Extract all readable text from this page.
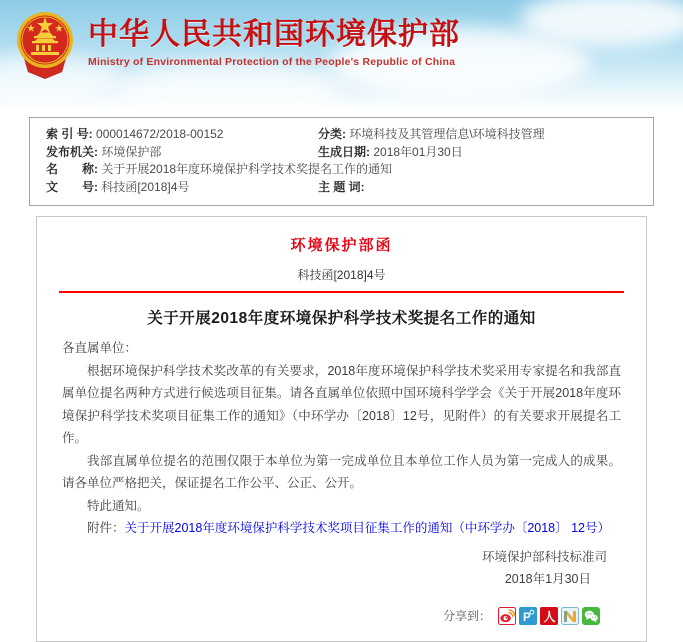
中华人民共和国环境保护部
Ministry of Environmental Protection of the People's Republic of China
索 引 号: 000014672/2018-00152	分类: 环境科技及其管理信息\环境科技管理
发布机关: 环境保护部	生成日期: 2018年01月30日
名　　称: 关于开展2018年度环境保护科学技术奖提名工作的通知
文　　号: 科技函[2018]4号	主 题 词:
环境保护部函
科技函[2018]4号
关于开展2018年度环境保护科学技术奖提名工作的通知

各直属单位：

根据环境保护科学技术奖改革的有关要求，2018年度环境保护科学技术奖采用专家提名和我部直属单位提名两种方式进行候选项目征集。请各直属单位依照中国环境科学学会《关于开展2018年度环境保护科学技术奖项目征集工作的通知》（中环学办〔2018〕12号，见附件）的有关要求开展提名工作。

我部直属单位提名的范围仅限于本单位为第一完成单位且本单位工作人员为第一完成人的成果。请各单位严格把关，保证提名工作公平、公正、公开。

特此通知。

附件：关于开展2018年度环境保护科学技术奖项目征集工作的通知（中环学办〔2018〕 12号）

环境保护部科技标准司
2018年1月30日
分享到：	P 人
